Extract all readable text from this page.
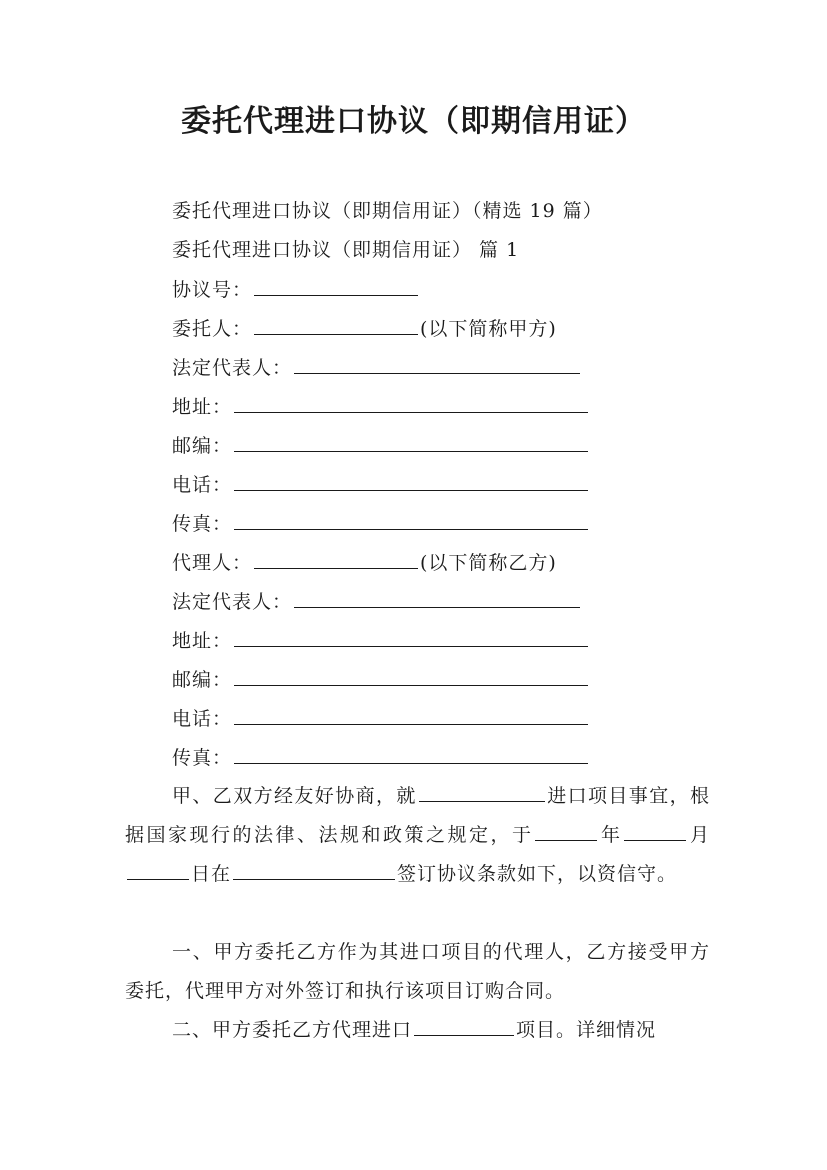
委托代理进口协议（即期信用证）
委托代理进口协议（即期信用证）（精选 19 篇）
委托代理进口协议（即期信用证） 篇 1
协议号：
委托人：	(以下简称甲方)
法定代表人：
地址：
邮编：
电话：
传真：
代理人：	(以下简称乙方)
法定代表人：
地址：
邮编：
电话：
传真：
甲、乙双方经友好协商，就	进口项目事宜，根据国家现行的法律、法规和政策之规定，于	年	月日在	签订协议条款如下，以资信守。
一、甲方委托乙方作为其进口项目的代理人，乙方接受甲方委托，代理甲方对外签订和执行该项目订购合同。
二、甲方委托乙方代理进口	项目。详细情况
